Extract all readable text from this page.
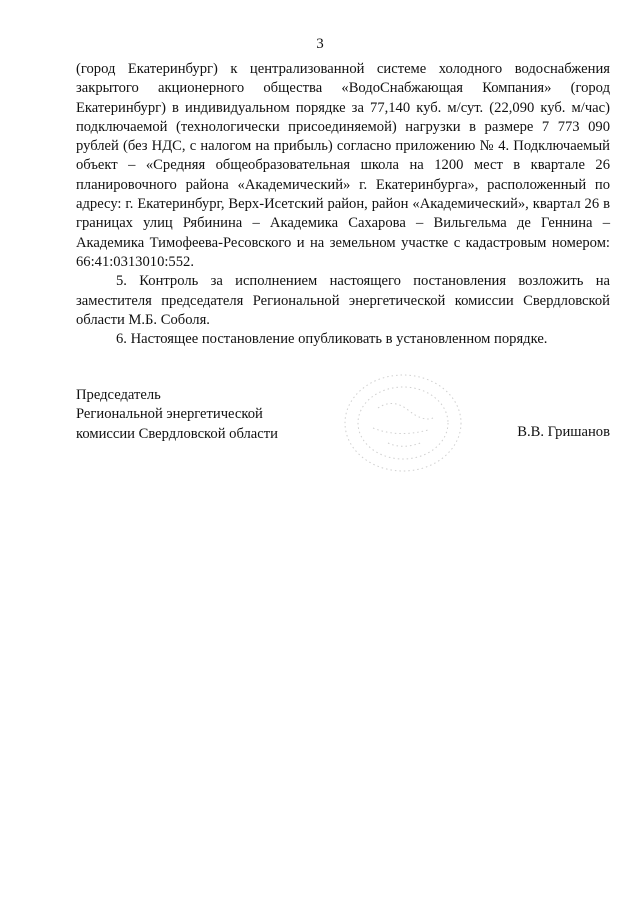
3

(город Екатеринбург) к централизованной системе холодного водоснабжения закрытого акционерного общества «ВодоСнабжающая Компания» (город Екатеринбург) в индивидуальном порядке за 77,140 куб. м/сут. (22,090 куб. м/час) подключаемой (технологически присоединяемой) нагрузки в размере 7 773 090 рублей (без НДС, с налогом на прибыль) согласно приложению № 4. Подключаемый объект – «Средняя общеобразовательная школа на 1200 мест в квартале 26 планировочного района «Академический» г. Екатеринбурга», расположенный по адресу: г. Екатеринбург, Верх-Исетский район, район «Академический», квартал 26 в границах улиц Рябинина – Академика Сахарова – Вильгельма де Геннина – Академика Тимофеева-Ресовского и на земельном участке с кадастровым номером: 66:41:0313010:552.

5. Контроль за исполнением настоящего постановления возложить на заместителя председателя Региональной энергетической комиссии Свердловской области М.Б. Соболя.

6. Настоящее постановление опубликовать в установленном порядке.

Председатель
Региональной энергетической
комиссии Свердловской области	В.В. Гришанов
